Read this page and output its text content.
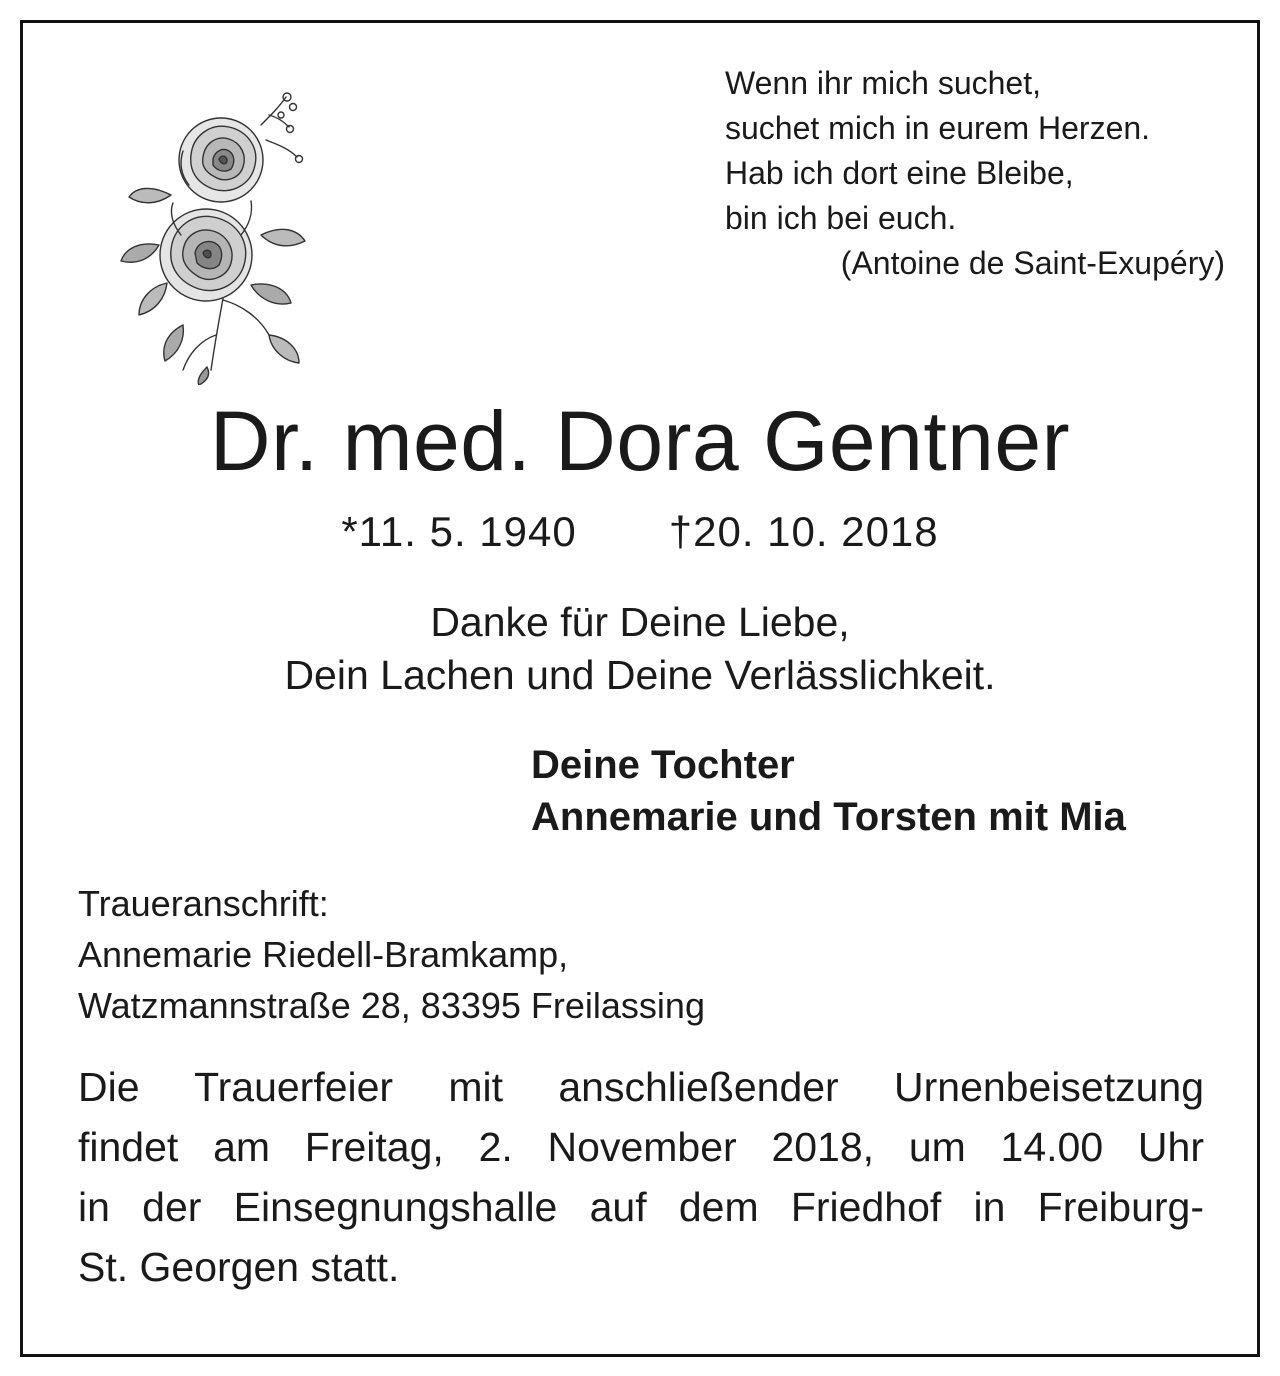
Wenn ihr mich suchet,
suchet mich in eurem Herzen.
Hab ich dort eine Bleibe,
bin ich bei euch.
(Antoine de Saint-Exupéry)
Dr. med. Dora Gentner
*11. 5. 1940 †20. 10. 2018
Danke für Deine Liebe,
Dein Lachen und Deine Verlässlichkeit.
Deine Tochter
Annemarie und Torsten mit Mia
Traueranschrift:
Annemarie Riedell-Bramkamp,
Watzmannstraße 28, 83395 Freilassing
Die Trauerfeier mit anschließender Urnenbeisetzung
findet am Freitag, 2. November 2018, um 14.00 Uhr
in der Einsegnungshalle auf dem Friedhof in Freiburg-
St. Georgen statt.
